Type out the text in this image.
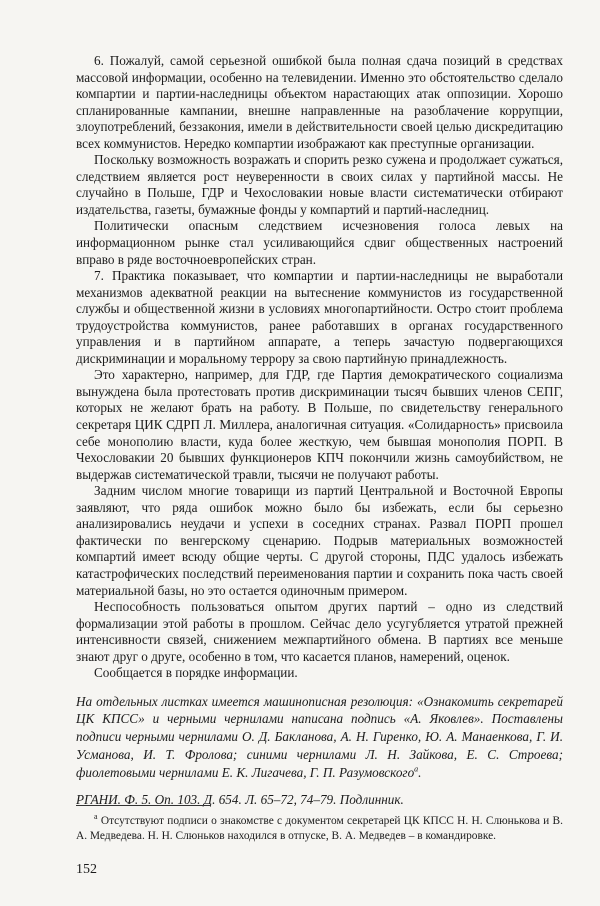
6. Пожалуй, самой серьезной ошибкой была полная сдача позиций в средствах массовой информации, особенно на телевидении. Именно это обстоятельство сделало компартии и партии-наследницы объектом нарастающих атак оппозиции. Хорошо спланированные кампании, внешне направленные на разоблачение коррупции, злоупотреблений, беззакония, имели в действительности своей целью дискредитацию всех коммунистов. Нередко компартии изображают как преступные организации.

Поскольку возможность возражать и спорить резко сужена и продолжает сужаться, следствием является рост неуверенности в своих силах у партийной массы. Не случайно в Польше, ГДР и Чехословакии новые власти систематически отбирают издательства, газеты, бумажные фонды у компартий и партий-наследниц.

Политически опасным следствием исчезновения голоса левых на информационном рынке стал усиливающийся сдвиг общественных настроений вправо в ряде восточноевропейских стран.

7. Практика показывает, что компартии и партии-наследницы не выработали механизмов адекватной реакции на вытеснение коммунистов из государственной службы и общественной жизни в условиях многопартийности. Остро стоит проблема трудоустройства коммунистов, ранее работавших в органах государственного управления и в партийном аппарате, а теперь зачастую подвергающихся дискриминации и моральному террору за свою партийную принадлежность.

Это характерно, например, для ГДР, где Партия демократического социализма вынуждена была протестовать против дискриминации тысяч бывших членов СЕПГ, которых не желают брать на работу. В Польше, по свидетельству генерального секретаря ЦИК СДРП Л. Миллера, аналогичная ситуация. «Солидарность» присвоила себе монополию власти, куда более жесткую, чем бывшая монополия ПОРП. В Чехословакии 20 бывших функционеров КПЧ покончили жизнь самоубийством, не выдержав систематической травли, тысячи не получают работы.

Задним числом многие товарищи из партий Центральной и Восточной Европы заявляют, что ряда ошибок можно было бы избежать, если бы серьезно анализировались неудачи и успехи в соседних странах. Развал ПОРП прошел фактически по венгерскому сценарию. Подрыв материальных возможностей компартий имеет всюду общие черты. С другой стороны, ПДС удалось избежать катастрофических последствий переименования партии и сохранить пока часть своей материальной базы, но это остается одиночным примером.

Неспособность пользоваться опытом других партий – одно из следствий формализации этой работы в прошлом. Сейчас дело усугубляется утратой прежней интенсивности связей, снижением межпартийного обмена. В партиях все меньше знают друг о друге, особенно в том, что касается планов, намерений, оценок.

Сообщается в порядке информации.

На отдельных листках имеется машинописная резолюция: «Ознакомить секретарей ЦК КПСС» и черными чернилами написана подпись «А. Яковлев». Поставлены подписи черными чернилами О. Д. Бакланова, А. Н. Гиренко, Ю. А. Манаенкова, Г. И. Усманова, И. Т. Фролова; синими чернилами Л. Н. Зайкова, Е. С. Строева; фиолетовыми чернилами Е. К. Лигачева, Г. П. Разумовского$^а$.

РГАНИ. Ф. 5. Оп. 103. Д. 654. Л. 65–72, 74–79. Подлинник.

$^а$ Отсутствуют подписи о знакомстве с документом секретарей ЦК КПСС Н. Н. Слюнькова и В. А. Медведева. Н. Н. Слюньков находился в отпуске, В. А. Медведев – в командировке.

152
